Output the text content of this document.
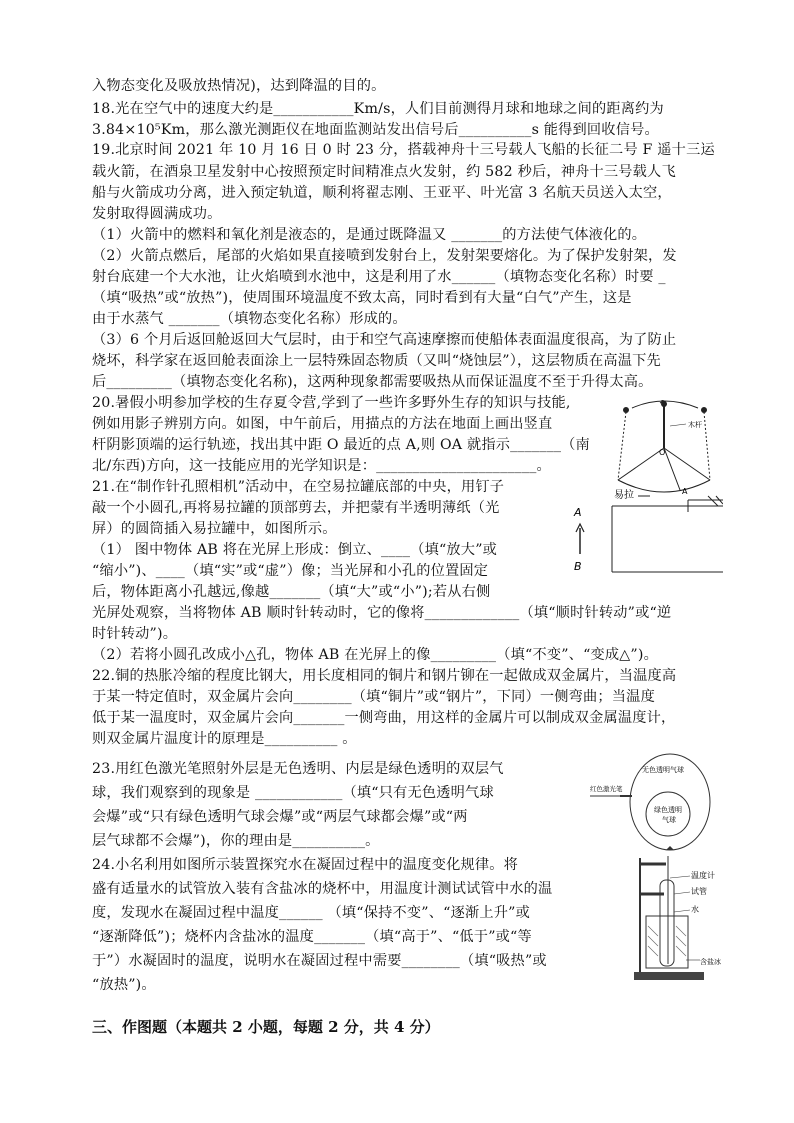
入物态变化及吸放热情况)，达到降温的目的。
18.光在空气中的速度大约是___________Km/s，人们目前测得月球和地球之间的距离约为
3.84×10⁵Km，那么激光测距仪在地面监测站发出信号后__________s 能得到回收信号。
19.北京时间 2021 年 10 月 16 日 0 时 23 分，搭载神舟十三号载人飞船的长征二号 F 遥十三运
载火箭，在酒泉卫星发射中心按照预定时间精准点火发射，约 582 秒后，神舟十三号载人飞
船与火箭成功分离，进入预定轨道，顺利将翟志刚、王亚平、叶光富 3 名航天员送入太空，
发射取得圆满成功。
（1）火箭中的燃料和氧化剂是液态的，是通过既降温又 _______的方法使气体液化的。
（2）火箭点燃后，尾部的火焰如果直接喷到发射台上，发射架要熔化。为了保护发射架，发
射台底建一个大水池，让火焰喷到水池中，这是利用了水______（填物态变化名称）时要 _
（填“吸热”或“放热”)，使周围环境温度不致太高，同时看到有大量“白气”产生，这是
由于水蒸气 _______（填物态变化名称）形成的。
（3）6 个月后返回舱返回大气层时，由于和空气高速摩擦而使船体表面温度很高，为了防止
烧坏，科学家在返回舱表面涂上一层特殊固态物质（又叫“烧蚀层”），这层物质在高温下先
后_________（填物态变化名称)，这两种现象都需要吸热从而保证温度不至于升得太高。
20.暑假小明参加学校的生存夏令营,学到了一些许多野外生存的知识与技能,
例如用影子辨别方向。如图，中午前后，用描点的方法在地面上画出竖直
杆阴影顶端的运行轨迹，找出其中距 O 最近的点 A,则 OA 就指示_______（南
北/东西)方向，这一技能应用的光学知识是：______________________。
21.在“制作针孔照相机”活动中，在空易拉罐底部的中央，用钉子
敲一个小圆孔,再将易拉罐的顶部剪去，并把蒙有半透明薄纸（光
屏）的圆筒插入易拉罐中，如图所示。
（1） 图中物体 AB 将在光屏上形成：倒立、____（填“放大”或
“缩小”)、____（填“实”或“虚”）像；当光屏和小孔的位置固定
后，物体距离小孔越远,像越_______（填“大”或“小”);若从右侧
光屏处观察，当将物体 AB 顺时针转动时，它的像将_____________（填“顺时针转动”或“逆
时针转动”)。
（2）若将小圆孔改成小△孔，物体 AB 在光屏上的像_________（填“不变”、“变成△”)。
22.铜的热胀冷缩的程度比钢大，用长度相同的铜片和钢片铆在一起做成双金属片，当温度高
于某一特定值时，双金属片会向________（填“铜片”或“钢片”，下同）一侧弯曲；当温度
低于某一温度时，双金属片会向_______一侧弯曲，用这样的金属片可以制成双金属温度计，
则双金属片温度计的原理是__________ 。
23.用红色激光笔照射外层是无色透明、内层是绿色透明的双层气
球，我们观察到的现象是 ____________（填“只有无色透明气球
会爆”或“只有绿色透明气球会爆”或“两层气球都会爆”或“两
层气球都不会爆”)，你的理由是__________。
24.小名利用如图所示装置探究水在凝固过程中的温度变化规律。将
盛有适量水的试管放入装有含盐冰的烧杯中，用温度计测试试管中水的温
度，发现水在凝固过程中温度______ （填“保持不变”、“逐渐上升”或
“逐渐降低”)；烧杯内含盐冰的温度_______（填“高于”、“低于”或“等
于”）水凝固时的温度，说明水在凝固过程中需要________（填“吸热”或
“放热”)。
三、作图题（本题共 2 小题，每题 2 分，共 4 分）
木杆
O
A
易拉
A
B
无色透明气球
绿色透明
气球
红色激光笔
温度计
试管
水
含盐冰
